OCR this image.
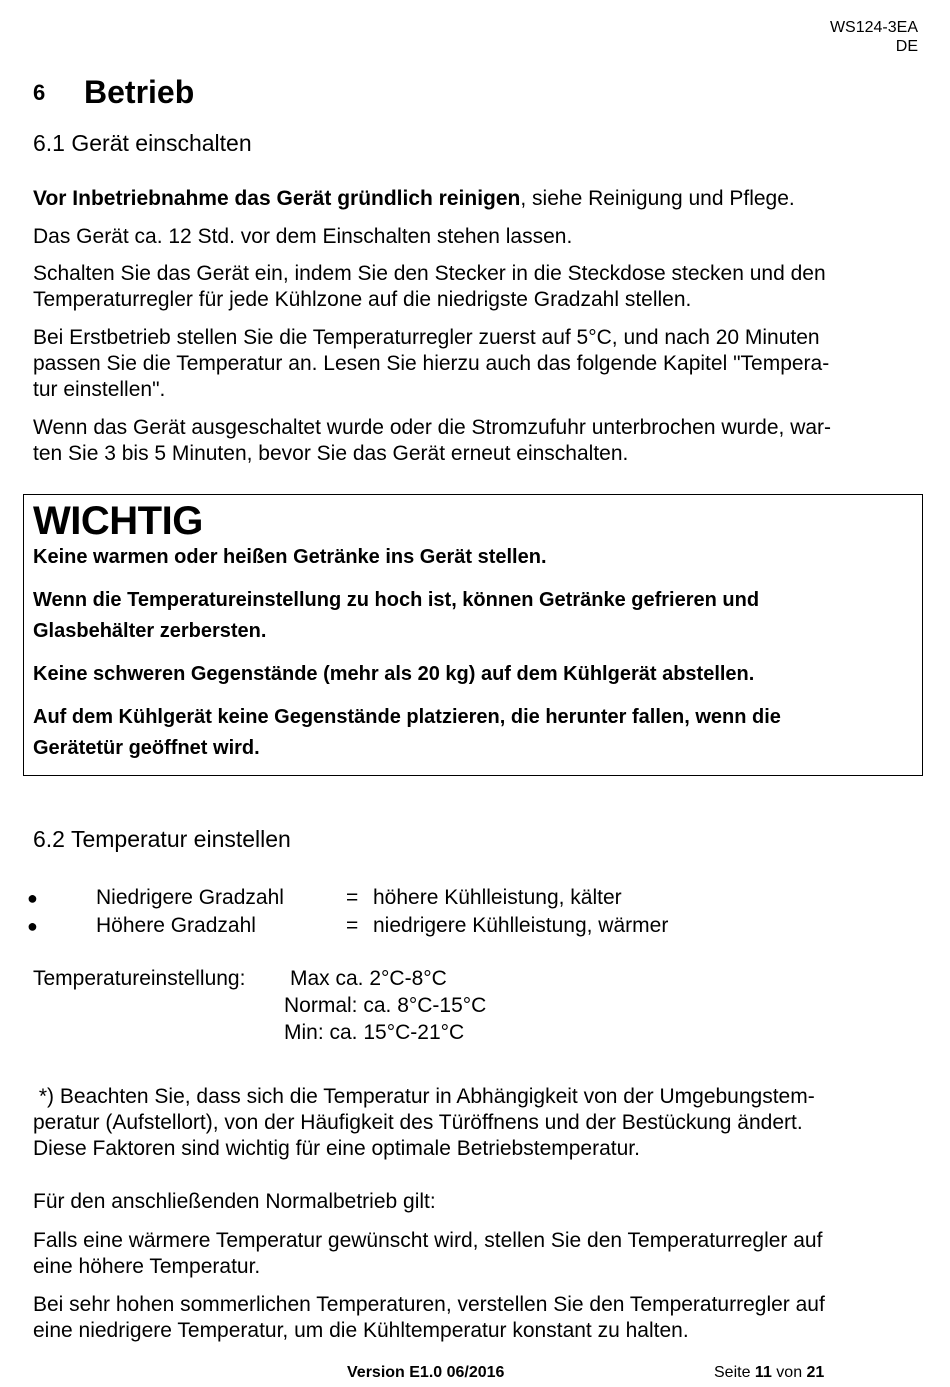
WS124-3EA
DE
6 Betrieb
6.1 Gerät einschalten
Vor Inbetriebnahme das Gerät gründlich reinigen, siehe Reinigung und Pflege.
Das Gerät ca. 12 Std. vor dem Einschalten stehen lassen.
Schalten Sie das Gerät ein, indem Sie den Stecker in die Steckdose stecken und den
Temperaturregler für jede Kühlzone auf die niedrigste Gradzahl stellen.
Bei Erstbetrieb stellen Sie die Temperaturregler zuerst auf 5°C, und nach 20 Minuten
passen Sie die Temperatur an. Lesen Sie hierzu auch das folgende Kapitel "Tempera-
tur einstellen".
Wenn das Gerät ausgeschaltet wurde oder die Stromzufuhr unterbrochen wurde, war-
ten Sie 3 bis 5 Minuten, bevor Sie das Gerät erneut einschalten.
WICHTIG
Keine warmen oder heißen Getränke ins Gerät stellen.
Wenn die Temperatureinstellung zu hoch ist, können Getränke gefrieren und
Glasbehälter zerbersten.
Keine schweren Gegenstände (mehr als 20 kg) auf dem Kühlgerät abstellen.
Auf dem Kühlgerät keine Gegenstände platzieren, die herunter fallen, wenn die
Gerätetür geöffnet wird.
6.2 Temperatur einstellen
●	Niedrigere Gradzahl	= höhere Kühlleistung, kälter
●	Höhere Gradzahl	= niedrigere Kühlleistung, wärmer
Temperatureinstellung: Max ca. 2°C-8°C
Normal: ca. 8°C-15°C
Min: ca. 15°C-21°C
*) Beachten Sie, dass sich die Temperatur in Abhängigkeit von der Umgebungstem-
peratur (Aufstellort), von der Häufigkeit des Türöffnens und der Bestückung ändert.
Diese Faktoren sind wichtig für eine optimale Betriebstemperatur.
Für den anschließenden Normalbetrieb gilt:
Falls eine wärmere Temperatur gewünscht wird, stellen Sie den Temperaturregler auf
eine höhere Temperatur.
Bei sehr hohen sommerlichen Temperaturen, verstellen Sie den Temperaturregler auf
eine niedrigere Temperatur, um die Kühltemperatur konstant zu halten.
Version E1.0 06/2016	Seite 11 von 21
